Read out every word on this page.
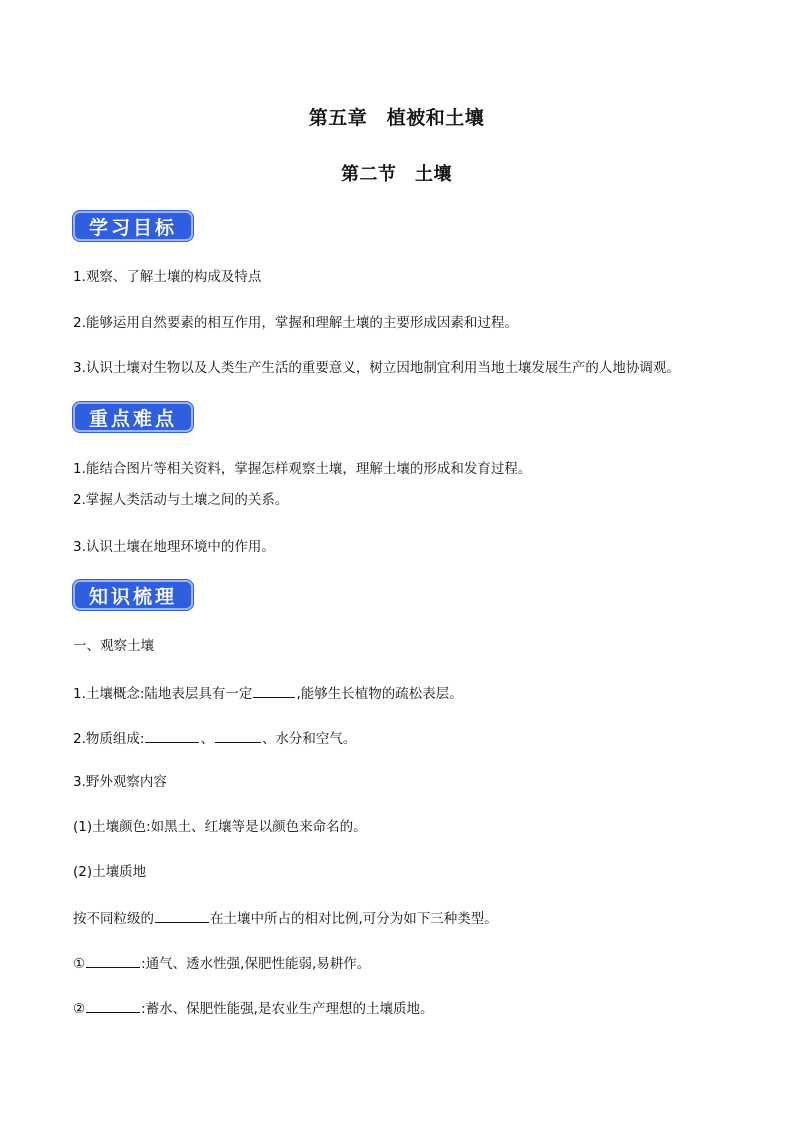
第五章　植被和土壤
第二节　土壤
学习目标
1.观察、了解土壤的构成及特点
2.能够运用自然要素的相互作用，掌握和理解土壤的主要形成因素和过程。
3.认识土壤对生物以及人类生产生活的重要意义，树立因地制宜利用当地土壤发展生产的人地协调观。
重点难点
1.能结合图片等相关资料，掌握怎样观察土壤，理解土壤的形成和发育过程。
2.掌握人类活动与土壤之间的关系。
3.认识土壤在地理环境中的作用。
知识梳理
一、观察土壤
1.土壤概念:陆地表层具有一定	,能够生长植物的疏松表层。
2.物质组成:	、	、水分和空气。
3.野外观察内容
(1)土壤颜色:如黑土、红壤等是以颜色来命名的。
(2)土壤质地
按不同粒级的	在土壤中所占的相对比例,可分为如下三种类型。
①	:通气、透水性强,保肥性能弱,易耕作。
②	:蓄水、保肥性能强,是农业生产理想的土壤质地。
